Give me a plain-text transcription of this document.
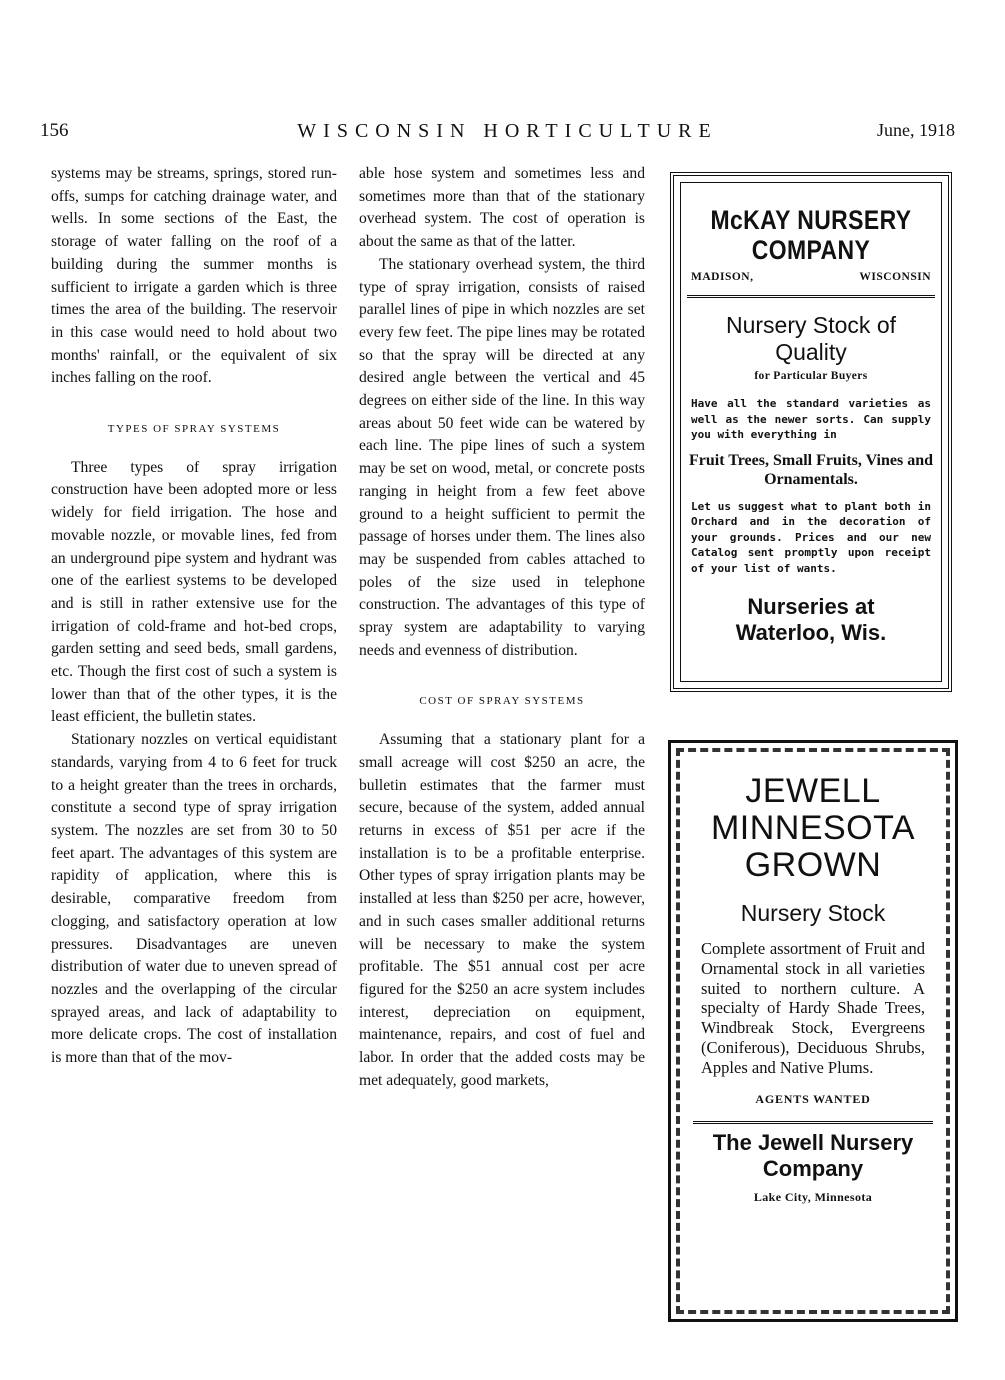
156	WISCONSIN HORTICULTURE	June, 1918

systems may be streams, springs, stored run-offs, sumps for catching drainage water, and wells. In some sections of the East, the storage of water falling on the roof of a building during the summer months is sufficient to irrigate a garden which is three times the area of the building. The reservoir in this case would need to hold about two months' rainfall, or the equivalent of six inches falling on the roof.

TYPES OF SPRAY SYSTEMS

Three types of spray irrigation construction have been adopted more or less widely for field irrigation. The hose and movable nozzle, or movable lines, fed from an underground pipe system and hydrant was one of the earliest systems to be developed and is still in rather extensive use for the irrigation of cold-frame and hot-bed crops, garden setting and seed beds, small gardens, etc. Though the first cost of such a system is lower than that of the other types, it is the least efficient, the bulletin states.

Stationary nozzles on vertical equidistant standards, varying from 4 to 6 feet for truck to a height greater than the trees in orchards, constitute a second type of spray irrigation system. The nozzles are set from 30 to 50 feet apart. The advantages of this system are rapidity of application, where this is desirable, comparative freedom from clogging, and satisfactory operation at low pressures. Disadvantages are uneven distribution of water due to uneven spread of nozzles and the overlapping of the circular sprayed areas, and lack of adaptability to more delicate crops. The cost of installation is more than that of the mov-

able hose system and sometimes less and sometimes more than that of the stationary overhead system. The cost of operation is about the same as that of the latter.

The stationary overhead system, the third type of spray irrigation, consists of raised parallel lines of pipe in which nozzles are set every few feet. The pipe lines may be rotated so that the spray will be directed at any desired angle between the vertical and 45 degrees on either side of the line. In this way areas about 50 feet wide can be watered by each line. The pipe lines of such a system may be set on wood, metal, or concrete posts ranging in height from a few feet above ground to a height sufficient to permit the passage of horses under them. The lines also may be suspended from cables attached to poles of the size used in telephone construction. The advantages of this type of spray system are adaptability to varying needs and evenness of distribution.

COST OF SPRAY SYSTEMS

Assuming that a stationary plant for a small acreage will cost $250 an acre, the bulletin estimates that the farmer must secure, because of the system, added annual returns in excess of $51 per acre if the installation is to be a profitable enterprise. Other types of spray irrigation plants may be installed at less than $250 per acre, however, and in such cases smaller additional returns will be necessary to make the system profitable. The $51 annual cost per acre figured for the $250 an acre system includes interest, depreciation on equipment, maintenance, repairs, and cost of fuel and labor. In order that the added costs may be met adequately, good markets,

McKAY NURSERY
COMPANY
MADISON,	WISCONSIN
Nursery Stock of
Quality
for Particular Buyers
Have all the standard varieties as well as the newer sorts. Can supply you with everything in
Fruit Trees, Small Fruits, Vines and Ornamentals.
Let us suggest what to plant both in Orchard and in the decoration of your grounds. Prices and our new Catalog sent promptly upon receipt of your list of wants.
Nurseries at
Waterloo, Wis.
JEWELL
MINNESOTA
GROWN
Nursery Stock
Complete assortment of Fruit and Ornamental stock in all varieties suited to northern culture. A specialty of Hardy Shade Trees, Windbreak Stock, Evergreens (Coniferous), Deciduous Shrubs, Apples and Native Plums.
AGENTS WANTED
The Jewell Nursery
Company
Lake City, Minnesota
